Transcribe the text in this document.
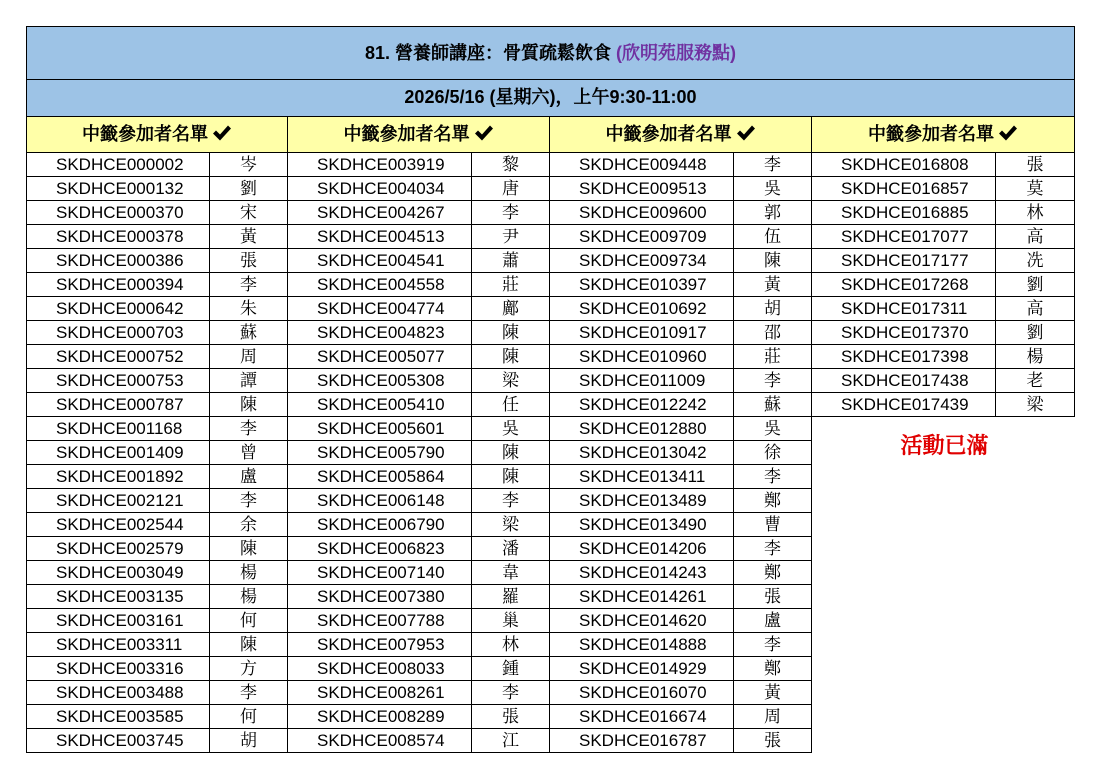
81. 營養師講座：骨質疏鬆飲食 (欣明苑服務點)
2026/5/16 (星期六)，上午9:30-11:00
中籤參加者名單
SKDHCE000002	岑
SKDHCE000132	劉
SKDHCE000370	宋
SKDHCE000378	黃
SKDHCE000386	張
SKDHCE000394	李
SKDHCE000642	朱
SKDHCE000703	蘇
SKDHCE000752	周
SKDHCE000753	譚
SKDHCE000787	陳
SKDHCE001168	李
SKDHCE001409	曾
SKDHCE001892	盧
SKDHCE002121	李
SKDHCE002544	余
SKDHCE002579	陳
SKDHCE003049	楊
SKDHCE003135	楊
SKDHCE003161	何
SKDHCE003311	陳
SKDHCE003316	方
SKDHCE003488	李
SKDHCE003585	何
SKDHCE003745	胡
中籤參加者名單
SKDHCE003919	黎
SKDHCE004034	唐
SKDHCE004267	李
SKDHCE004513	尹
SKDHCE004541	蕭
SKDHCE004558	莊
SKDHCE004774	鄺
SKDHCE004823	陳
SKDHCE005077	陳
SKDHCE005308	梁
SKDHCE005410	任
SKDHCE005601	吳
SKDHCE005790	陳
SKDHCE005864	陳
SKDHCE006148	李
SKDHCE006790	梁
SKDHCE006823	潘
SKDHCE007140	韋
SKDHCE007380	羅
SKDHCE007788	巢
SKDHCE007953	林
SKDHCE008033	鍾
SKDHCE008261	李
SKDHCE008289	張
SKDHCE008574	江
中籤參加者名單
SKDHCE009448	李
SKDHCE009513	吳
SKDHCE009600	郭
SKDHCE009709	伍
SKDHCE009734	陳
SKDHCE010397	黃
SKDHCE010692	胡
SKDHCE010917	邵
SKDHCE010960	莊
SKDHCE011009	李
SKDHCE012242	蘇
SKDHCE012880	吳
SKDHCE013042	徐
SKDHCE013411	李
SKDHCE013489	鄭
SKDHCE013490	曹
SKDHCE014206	李
SKDHCE014243	鄭
SKDHCE014261	張
SKDHCE014620	盧
SKDHCE014888	李
SKDHCE014929	鄭
SKDHCE016070	黃
SKDHCE016674	周
SKDHCE016787	張
中籤參加者名單
SKDHCE016808	張
SKDHCE016857	莫
SKDHCE016885	林
SKDHCE017077	高
SKDHCE017177	冼
SKDHCE017268	劉
SKDHCE017311	高
SKDHCE017370	劉
SKDHCE017398	楊
SKDHCE017438	老
SKDHCE017439	梁
活動已滿
